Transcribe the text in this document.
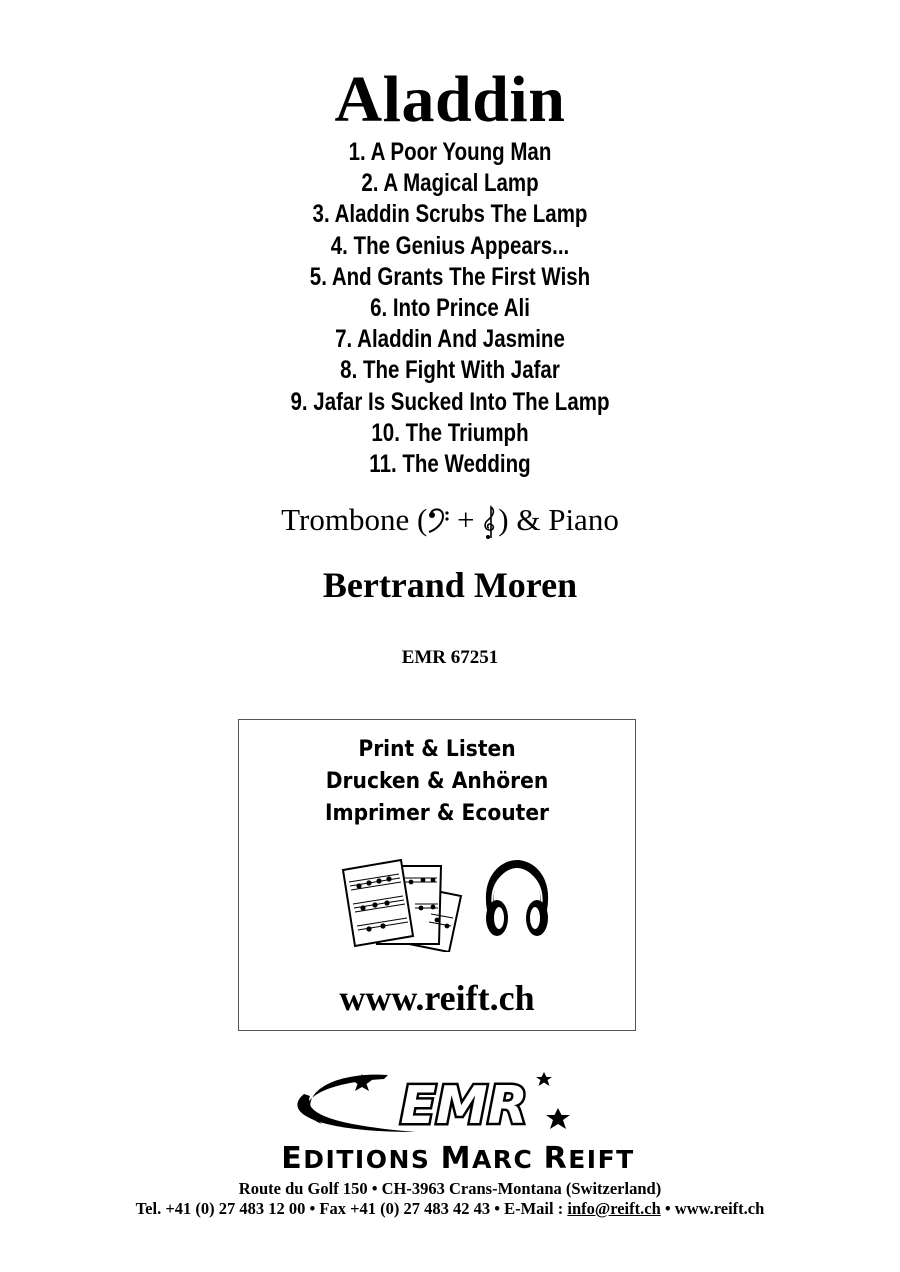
Aladdin
1. A Poor Young Man
2. A Magical Lamp
3. Aladdin Scrubs The Lamp
4. The Genius Appears...
5. And Grants The First Wish
6. Into Prince Ali
7. Aladdin And Jasmine
8. The Fight With Jafar
9. Jafar Is Sucked Into The Lamp
10. The Triumph
11. The Wedding
Trombone ( + ) & Piano
Bertrand Moren
EMR 67251
Print & Listen
Drucken & Anhören
Imprimer & Ecouter
www.reift.ch
EMR
EDITIONS MARC REIFT
Route du Golf 150 • CH-3963 Crans-Montana (Switzerland)
Tel. +41 (0) 27 483 12 00 • Fax +41 (0) 27 483 42 43 • E-Mail : info@reift.ch • www.reift.ch
